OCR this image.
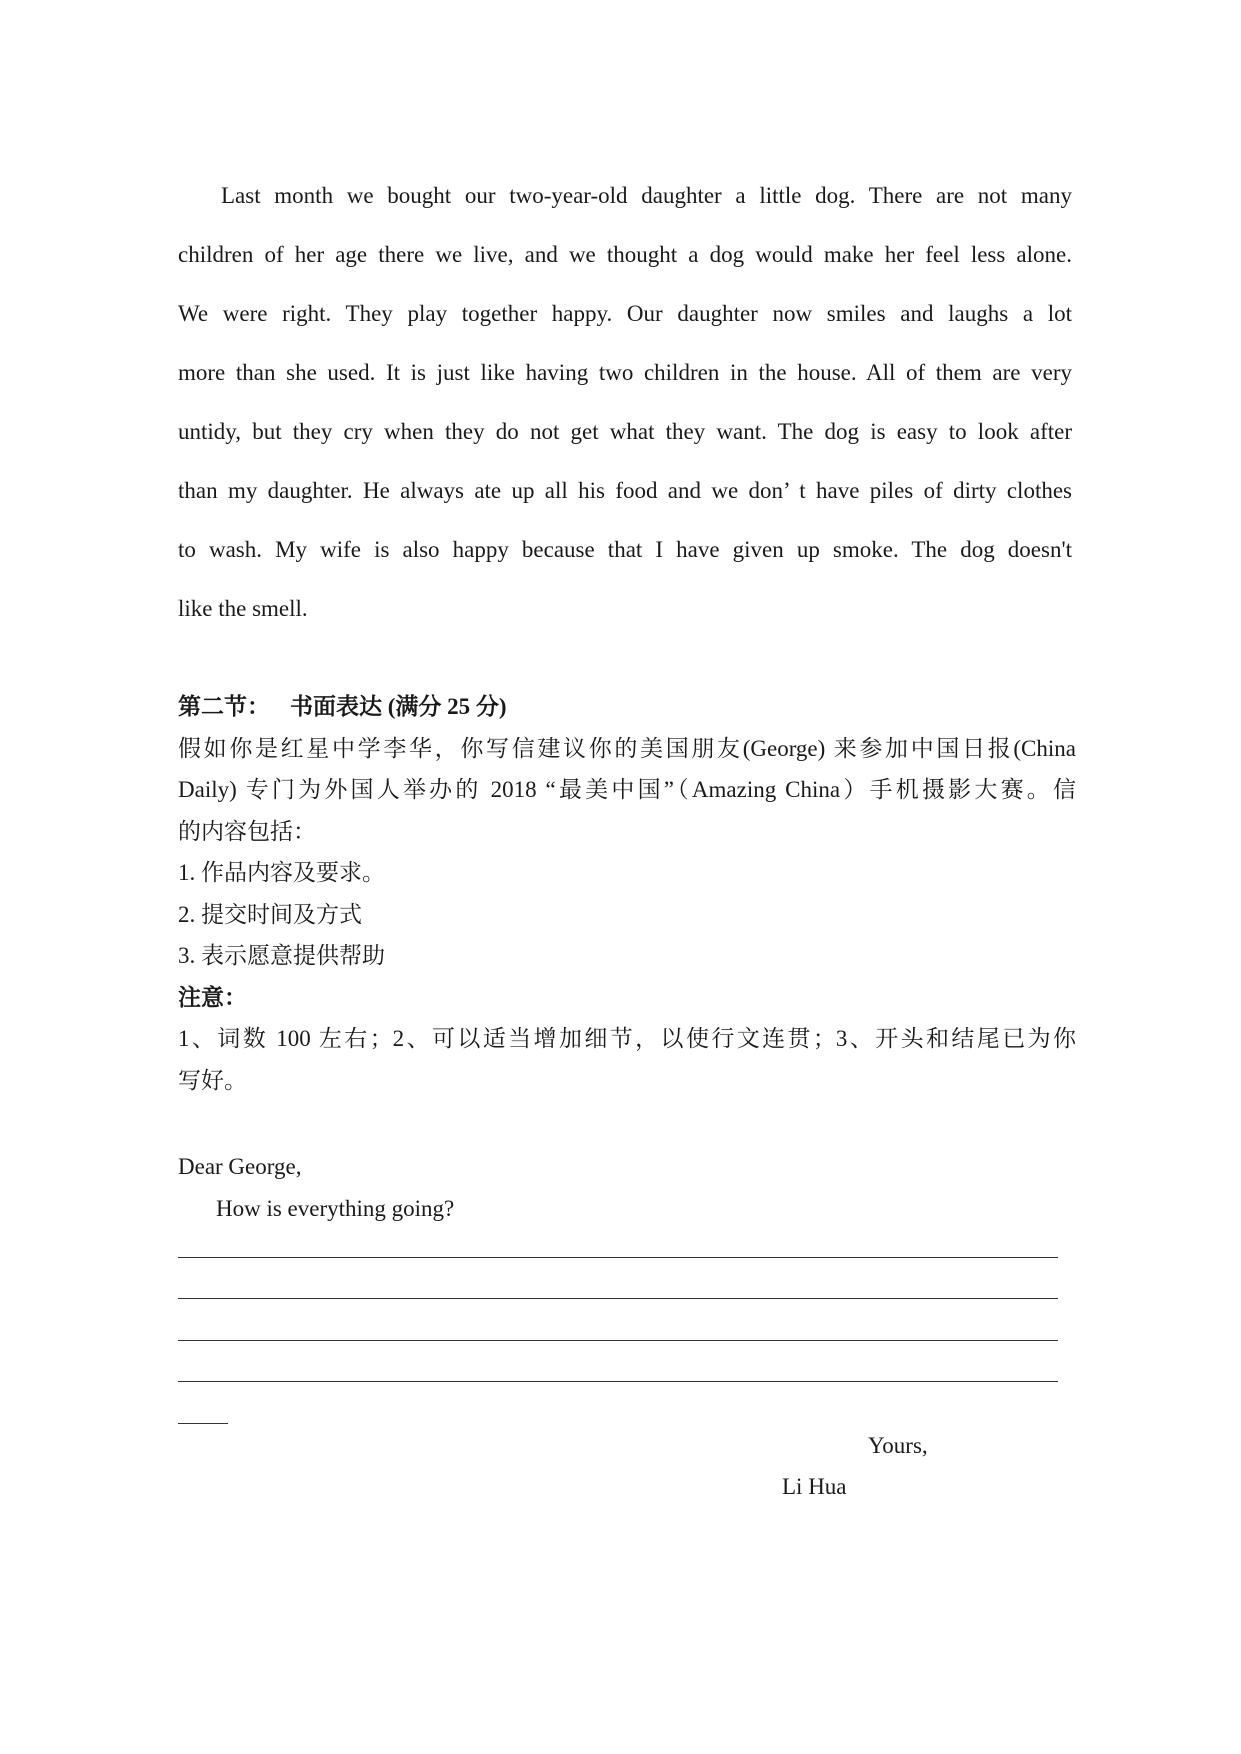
Last month we bought our two-year-old daughter a little dog. There are not many
children of her age there we live, and we thought a dog would make her feel less alone.
We were right. They play together happy. Our daughter now smiles and laughs a lot
more than she used. It is just like having two children in the house. All of them are very
untidy, but they cry when they do not get what they want. The dog is easy to look after
than my daughter. He always ate up all his food and we don’ t have piles of dirty clothes
to wash. My wife is also happy because that I have given up smoke. The dog doesn't
like the smell.
第二节： 书面表达 (满分 25 分)
假如你是红星中学李华，你写信建议你的美国朋友(George) 来参加中国日报(China
Daily) 专门为外国人举办的 2018 “最美中国”（Amazing China）手机摄影大赛。信
的内容包括：
1. 作品内容及要求。
2. 提交时间及方式
3. 表示愿意提供帮助
注意：
1、词数 100 左右；2、可以适当增加细节，以使行文连贯；3、开头和结尾已为你
写好。
Dear George,
How is everything going?
Yours,
Li Hua
